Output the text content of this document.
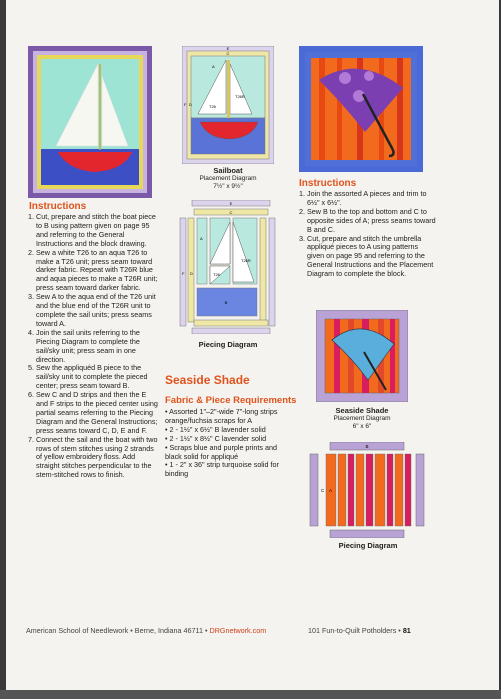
Instructions
1. Cut, prepare and stitch the boat piece to B using pattern given on page 95 and referring to the General Instructions and the block drawing.
2. Sew a white T26 to an aqua T26 to make a T26 unit; press seam toward darker fabric. Repeat with T26R blue and aqua pieces to make a T26R unit; press seam toward darker fabric.
3. Sew A to the aqua end of the T26 unit and the blue end of the T26R unit to complete the sail units; press seams toward A.
4. Join the sail units referring to the Piecing Diagram to complete the sail/sky unit; press seam in one direction.
5. Sew the appliquéd B piece to the sail/sky unit to complete the pieced center; press seam toward B.
6. Sew C and D strips and then the E and F strips to the pieced center using partial seams referring to the Piecing Diagram and the General Instructions; press seams toward C, D, E and F.
7. Connect the sail and the boat with two rows of stem stitches using 2 strands of yellow embroidery floss. Add straight stitches perpendicular to the stem-stitched rows to finish.
E
C
F D
A
T26
T26R
Sailboat
Placement Diagram
7½" x 9½"
E
C
F D
A
T26
T26R
B
Piecing Diagram
Seaside Shade
Fabric & Piece Requirements
• Assorted 1"–2"-wide 7"-long strips orange/fuchsia scraps for A
• 2 - 1½" x 6½" B lavender solid
• 2 - 1½" x 8½" C lavender solid
• Scraps blue and purple prints and black solid for appliqué
• 1 - 2" x 36" strip turquoise solid for binding
Instructions
1. Join the assorted A pieces and trim to 6½" x 6½".
2. Sew B to the top and bottom and C to opposite sides of A; press seams toward B and C.
3. Cut, prepare and stitch the umbrella appliqué pieces to A using patterns given on page 95 and referring to the General Instructions and the Placement Diagram to complete the block.
Seaside Shade
Placement Diagram
6" x 6"
B
C A
Piecing Diagram
American School of Needlework • Berne, Indiana 46711 • DRGnetwork.com	101 Fun-to-Quilt Potholders • 81
